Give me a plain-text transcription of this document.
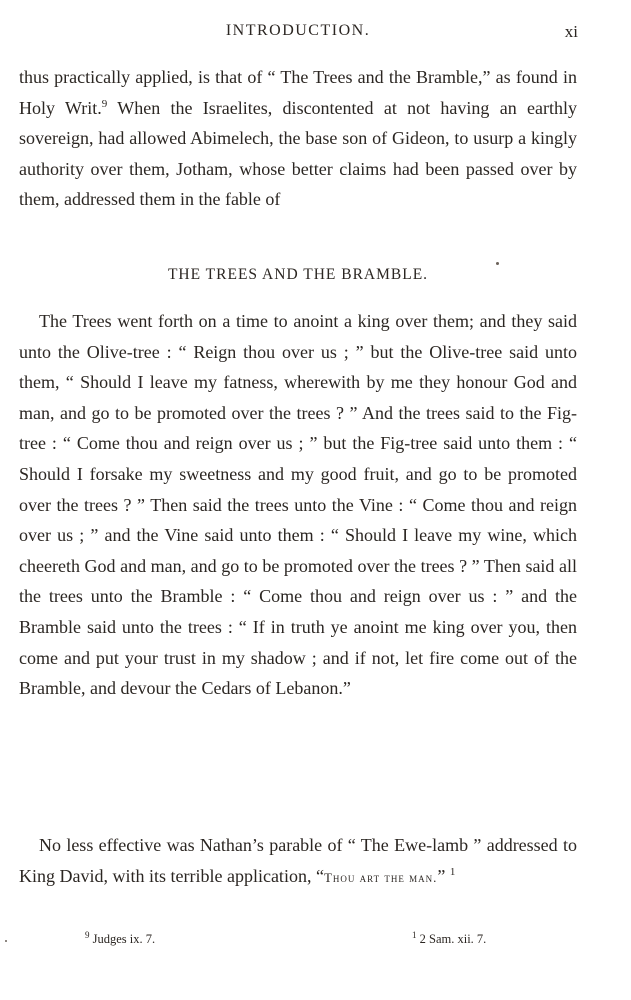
INTRODUCTION.	xi

thus practically applied, is that of “ The Trees and the Bramble,” as found in Holy Writ.$^9$ When the Israelites, discontented at not having an earthly sovereign, had allowed Abimelech, the base son of Gideon, to usurp a kingly authority over them, Jotham, whose better claims had been passed over by them, addressed them in the fable of

THE TREES AND THE BRAMBLE.

The Trees went forth on a time to anoint a king over them; and they said unto the Olive-tree : “ Reign thou over us ; ” but the Olive-tree said unto them, “ Should I leave my fatness, wherewith by me they honour God and man, and go to be promoted over the trees ? ” And the trees said to the Fig-tree : “ Come thou and reign over us ; ” but the Fig-tree said unto them : “ Should I forsake my sweetness and my good fruit, and go to be promoted over the trees ? ” Then said the trees unto the Vine : “ Come thou and reign over us ; ” and the Vine said unto them : “ Should I leave my wine, which cheereth God and man, and go to be promoted over the trees ? ” Then said all the trees unto the Bramble : “ Come thou and reign over us : ” and the Bramble said unto the trees : “ If in truth ye anoint me king over you, then come and put your trust in my shadow ; and if not, let fire come out of the Bramble, and devour the Cedars of Lebanon.”

No less effective was Nathan’s parable of “ The Ewe-lamb ” addressed to King David, with its terrible application, “Thou art the man.” $^1$

$^9$ Judges ix. 7.	$^1$ 2 Sam. xii. 7.
